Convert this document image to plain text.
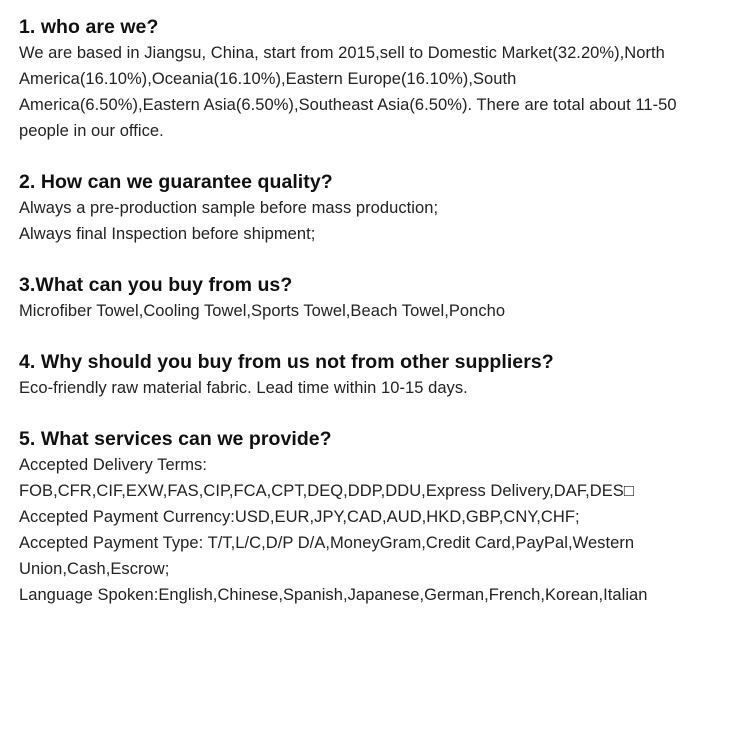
1. who are we?

We are based in Jiangsu, China, start from 2015,sell to Domestic Market(32.20%),North
America(16.10%),Oceania(16.10%),Eastern Europe(16.10%),South
America(6.50%),Eastern Asia(6.50%),Southeast Asia(6.50%). There are total about 11-50
people in our office.

2. How can we guarantee quality?

Always a pre-production sample before mass production;
Always final Inspection before shipment;

3.What can you buy from us?

Microfiber Towel,Cooling Towel,Sports Towel,Beach Towel,Poncho

4. Why should you buy from us not from other suppliers?

Eco-friendly raw material fabric. Lead time within 10-15 days.

5. What services can we provide?

Accepted Delivery Terms:
FOB,CFR,CIF,EXW,FAS,CIP,FCA,CPT,DEQ,DDP,DDU,Express Delivery,DAF,DES□
Accepted Payment Currency:USD,EUR,JPY,CAD,AUD,HKD,GBP,CNY,CHF;
Accepted Payment Type: T/T,L/C,D/P D/A,MoneyGram,Credit Card,PayPal,Western
Union,Cash,Escrow;
Language Spoken:English,Chinese,Spanish,Japanese,German,French,Korean,Italian
